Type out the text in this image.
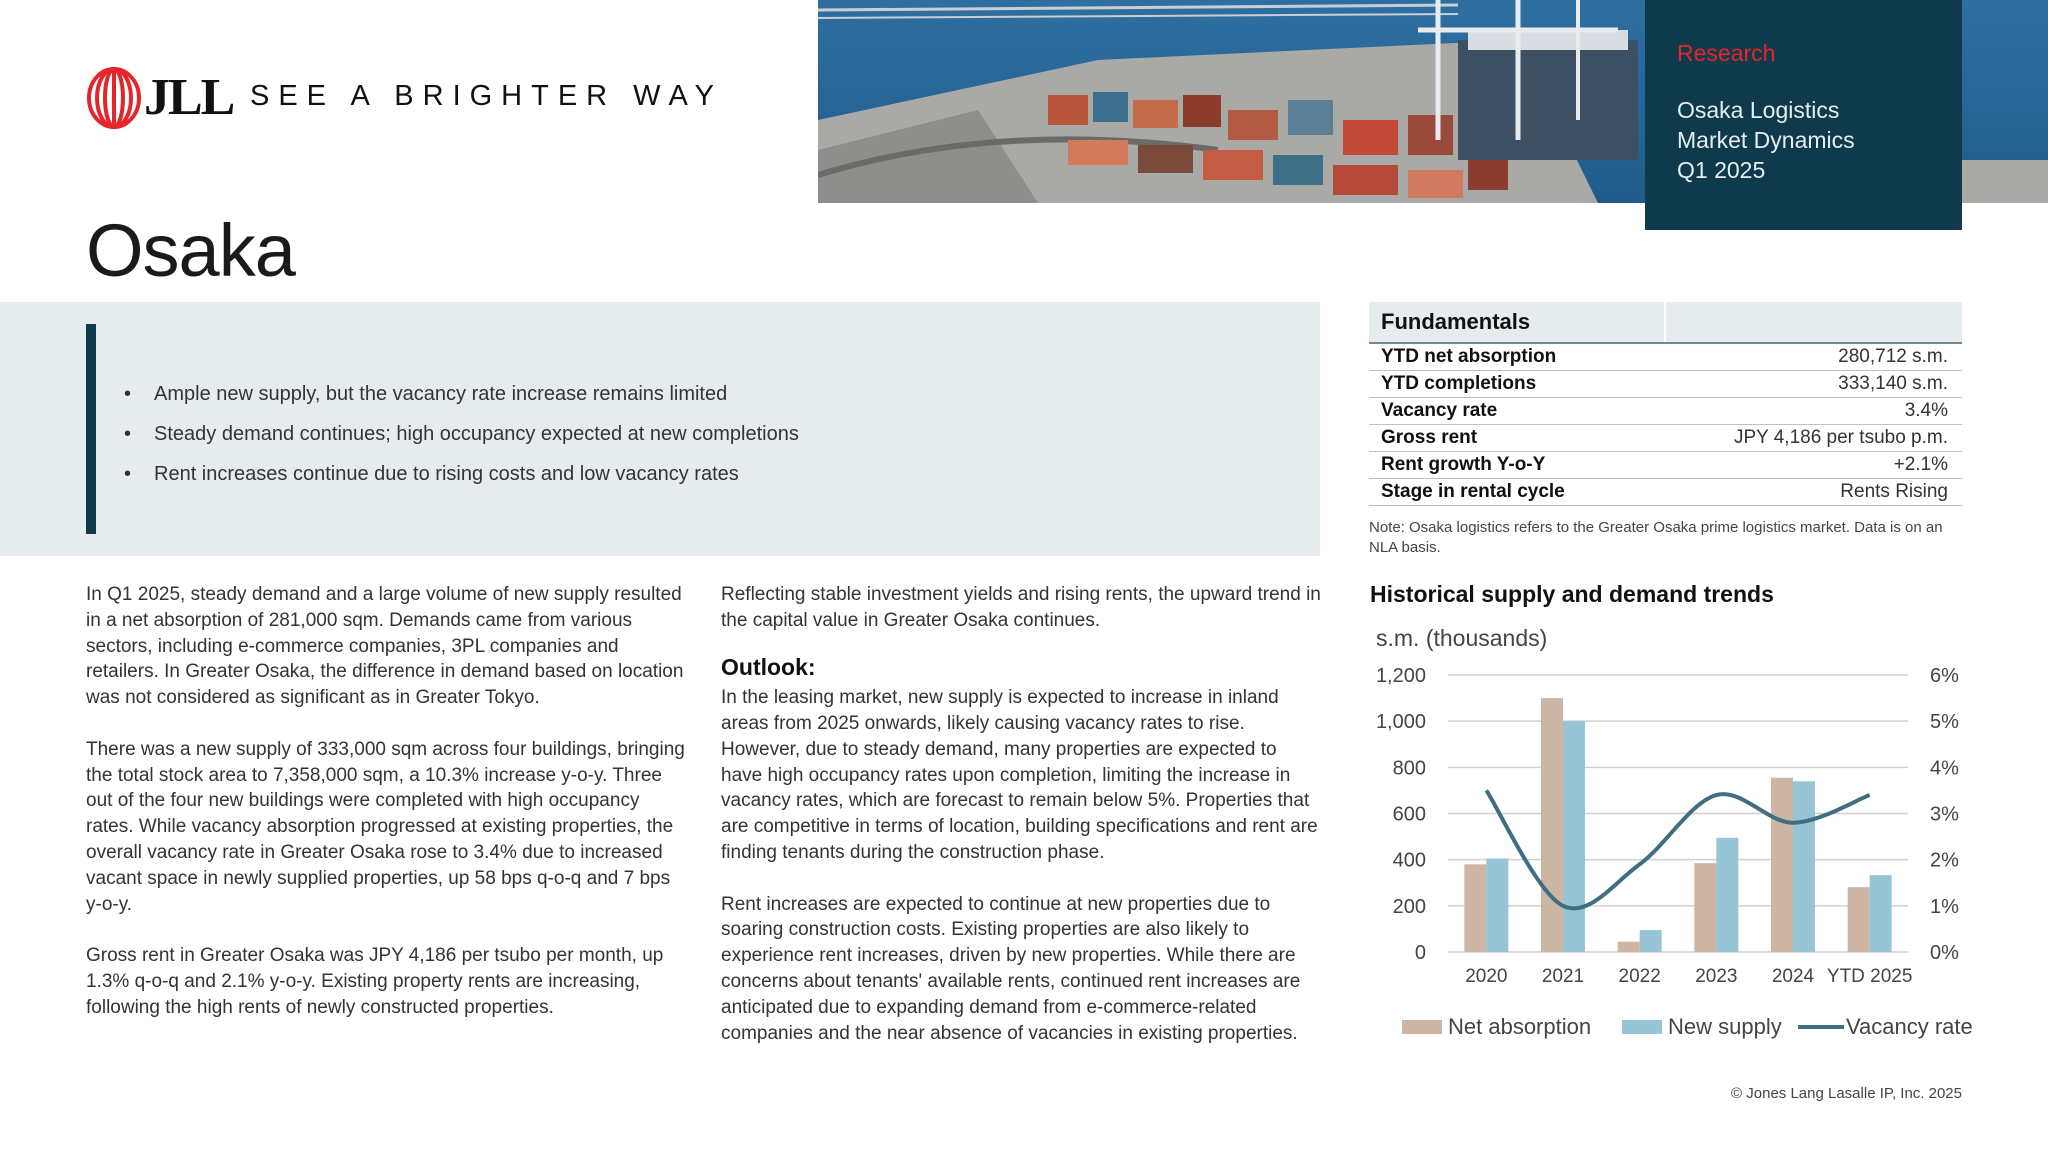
JLL SEE A BRIGHTER WAY
Research
Osaka Logistics
Market Dynamics
Q1 2025
Osaka
• Ample new supply, but the vacancy rate increase remains limited
• Steady demand continues; high occupancy expected at new completions
• Rent increases continue due to rising costs and low vacancy rates

In Q1 2025, steady demand and a large volume of new supply resulted in a net absorption of 281,000 sqm. Demands came from various sectors, including e-commerce companies, 3PL companies and retailers. In Greater Osaka, the difference in demand based on location was not considered as significant as in Greater Tokyo.

There was a new supply of 333,000 sqm across four buildings, bringing the total stock area to 7,358,000 sqm, a 10.3% increase y-o-y. Three out of the four new buildings were completed with high occupancy rates. While vacancy absorption progressed at existing properties, the overall vacancy rate in Greater Osaka rose to 3.4% due to increased vacant space in newly supplied properties, up 58 bps q-o-q and 7 bps y-o-y.

Gross rent in Greater Osaka was JPY 4,186 per tsubo per month, up 1.3% q-o-q and 2.1% y-o-y. Existing property rents are increasing, following the high rents of newly constructed properties.

Reflecting stable investment yields and rising rents, the upward trend in the capital value in Greater Osaka continues.

Outlook:

In the leasing market, new supply is expected to increase in inland areas from 2025 onwards, likely causing vacancy rates to rise. However, due to steady demand, many properties are expected to have high occupancy rates upon completion, limiting the increase in vacancy rates, which are forecast to remain below 5%. Properties that are competitive in terms of location, building specifications and rent are finding tenants during the construction phase.

Rent increases are expected to continue at new properties due to soaring construction costs. Existing properties are also likely to experience rent increases, driven by new properties. While there are concerns about tenants' available rents, continued rent increases are anticipated due to expanding demand from e-commerce-related companies and the near absence of vacancies in existing properties.

Fundamentals
YTD net absorption	280,712 s.m.
YTD completions	333,140 s.m.
Vacancy rate	3.4%
Gross rent	JPY 4,186 per tsubo p.m.
Rent growth Y-o-Y	+2.1%
Stage in rental cycle	Rents Rising
Note: Osaka logistics refers to the Greater Osaka prime logistics market. Data is on an NLA basis.
Historical supply and demand trends
s.m. (thousands)
1,200
1,000
800
600
400
200
0
6%
5%
4%
3%
2%
1%
0%
2020 2021 2022 2023 2024 YTD 2025
Net absorption	New supply	Vacancy rate
© Jones Lang Lasalle IP, Inc. 2025
